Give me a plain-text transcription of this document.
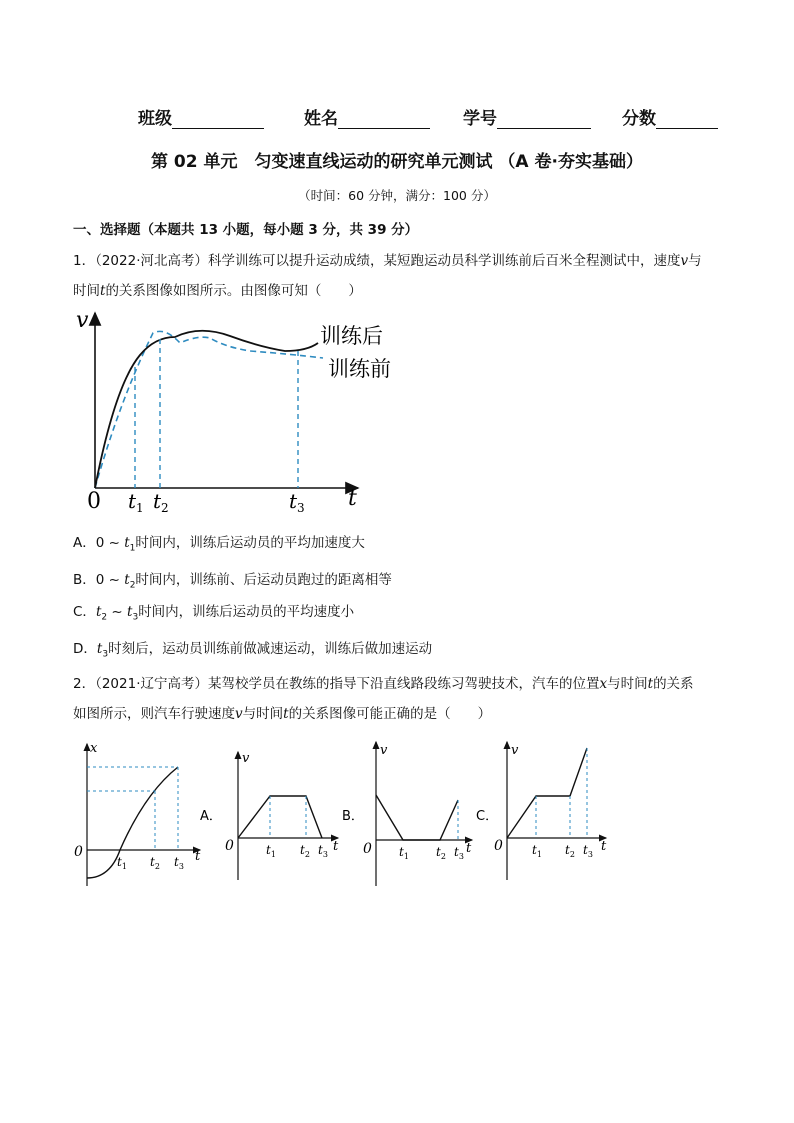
班级	姓名	学号	分数
第 02 单元　匀变速直线运动的研究单元测试 （A 卷·夯实基础）
（时间：60 分钟，满分：100 分）
一、选择题（本题共 13 小题，每小题 3 分，共 39 分）
1．（2022·河北高考）科学训练可以提升运动成绩，某短跑运动员科学训练前后百米全程测试中，速度v与
时间t的关系图像如图所示。由图像可知（　　）
v
t
0 $t_1$ $t_2$	$t_3$
训练后
训练前
A．0 ~ $t_1$时间内，训练后运动员的平均加速度大
B．0 ~ $t_2$时间内，训练前、后运动员跑过的距离相等
C．$t_2$ ~ $t_3$时间内，训练后运动员的平均速度小
D．$t_3$时刻后，运动员训练前做减速运动，训练后做加速运动
2．（2021·辽宁高考）某驾校学员在教练的指导下沿直线路段练习驾驶技术，汽车的位置x与时间t的关系
如图所示，则汽车行驶速度v与时间t的关系图像可能正确的是（　　）
x
0	t
$t_1$ $t_2$ $t_3$
A．
v
0	t
$t_1$ $t_2$ $t_3$
B．
v
0	t
$t_1$ $t_2$ $t_3$
C．
v
0	t
$t_1$ $t_2$ $t_3$
